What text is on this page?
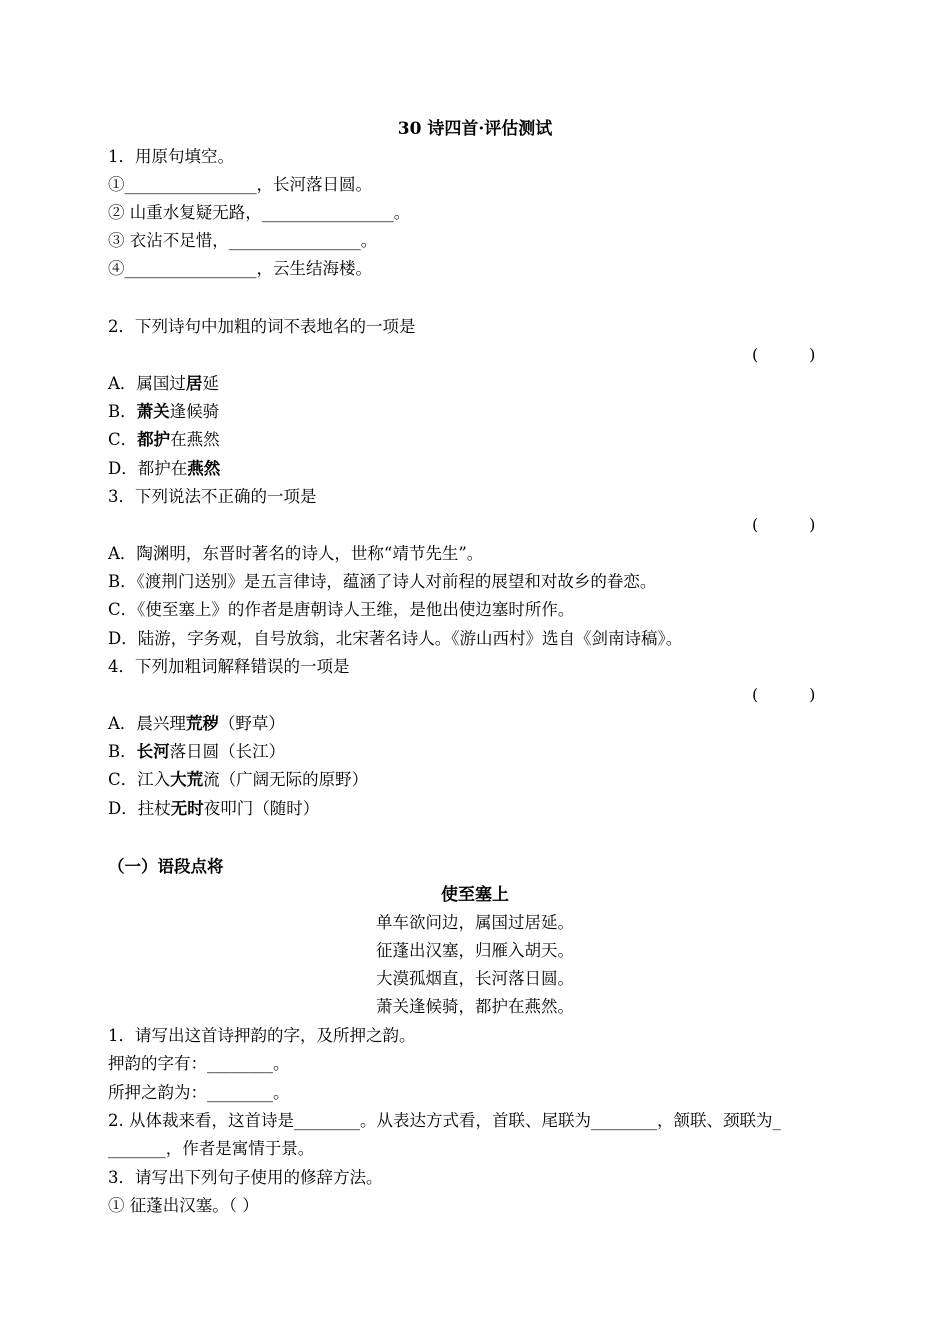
30 诗四首·评估测试
1．用原句填空。
①________________，长河落日圆。
② 山重水复疑无路，________________。
③ 衣沾不足惜，________________。
④________________，云生结海楼。
2．下列诗句中加粗的词不表地名的一项是
(          )
A．属国过居延
B．萧关逢候骑
C．都护在燕然
D．都护在燕然
3．下列说法不正确的一项是
(          )
A．陶渊明，东晋时著名的诗人，世称“靖节先生”。
B．《渡荆门送别》是五言律诗，蕴涵了诗人对前程的展望和对故乡的眷恋。
C．《使至塞上》的作者是唐朝诗人王维，是他出使边塞时所作。
D．陆游，字务观，自号放翁，北宋著名诗人。《游山西村》选自《剑南诗稿》。
4．下列加粗词解释错误的一项是
(          )
A．晨兴理荒秽（野草）
B．长河落日圆（长江）
C．江入大荒流（广阔无际的原野）
D．拄杖无时夜叩门（随时）
（一）语段点将
使至塞上
单车欲问边，属国过居延。
征蓬出汉塞，归雁入胡天。
大漠孤烟直，长河落日圆。
萧关逢候骑，都护在燕然。
1．请写出这首诗押韵的字，及所押之韵。
押韵的字有：________。
所押之韵为：________。
2. 从体裁来看，这首诗是________。从表达方式看，首联、尾联为________，颔联、颈联为_
_______，作者是寓情于景。
3．请写出下列句子使用的修辞方法。
① 征蓬出汉塞。（ ）
